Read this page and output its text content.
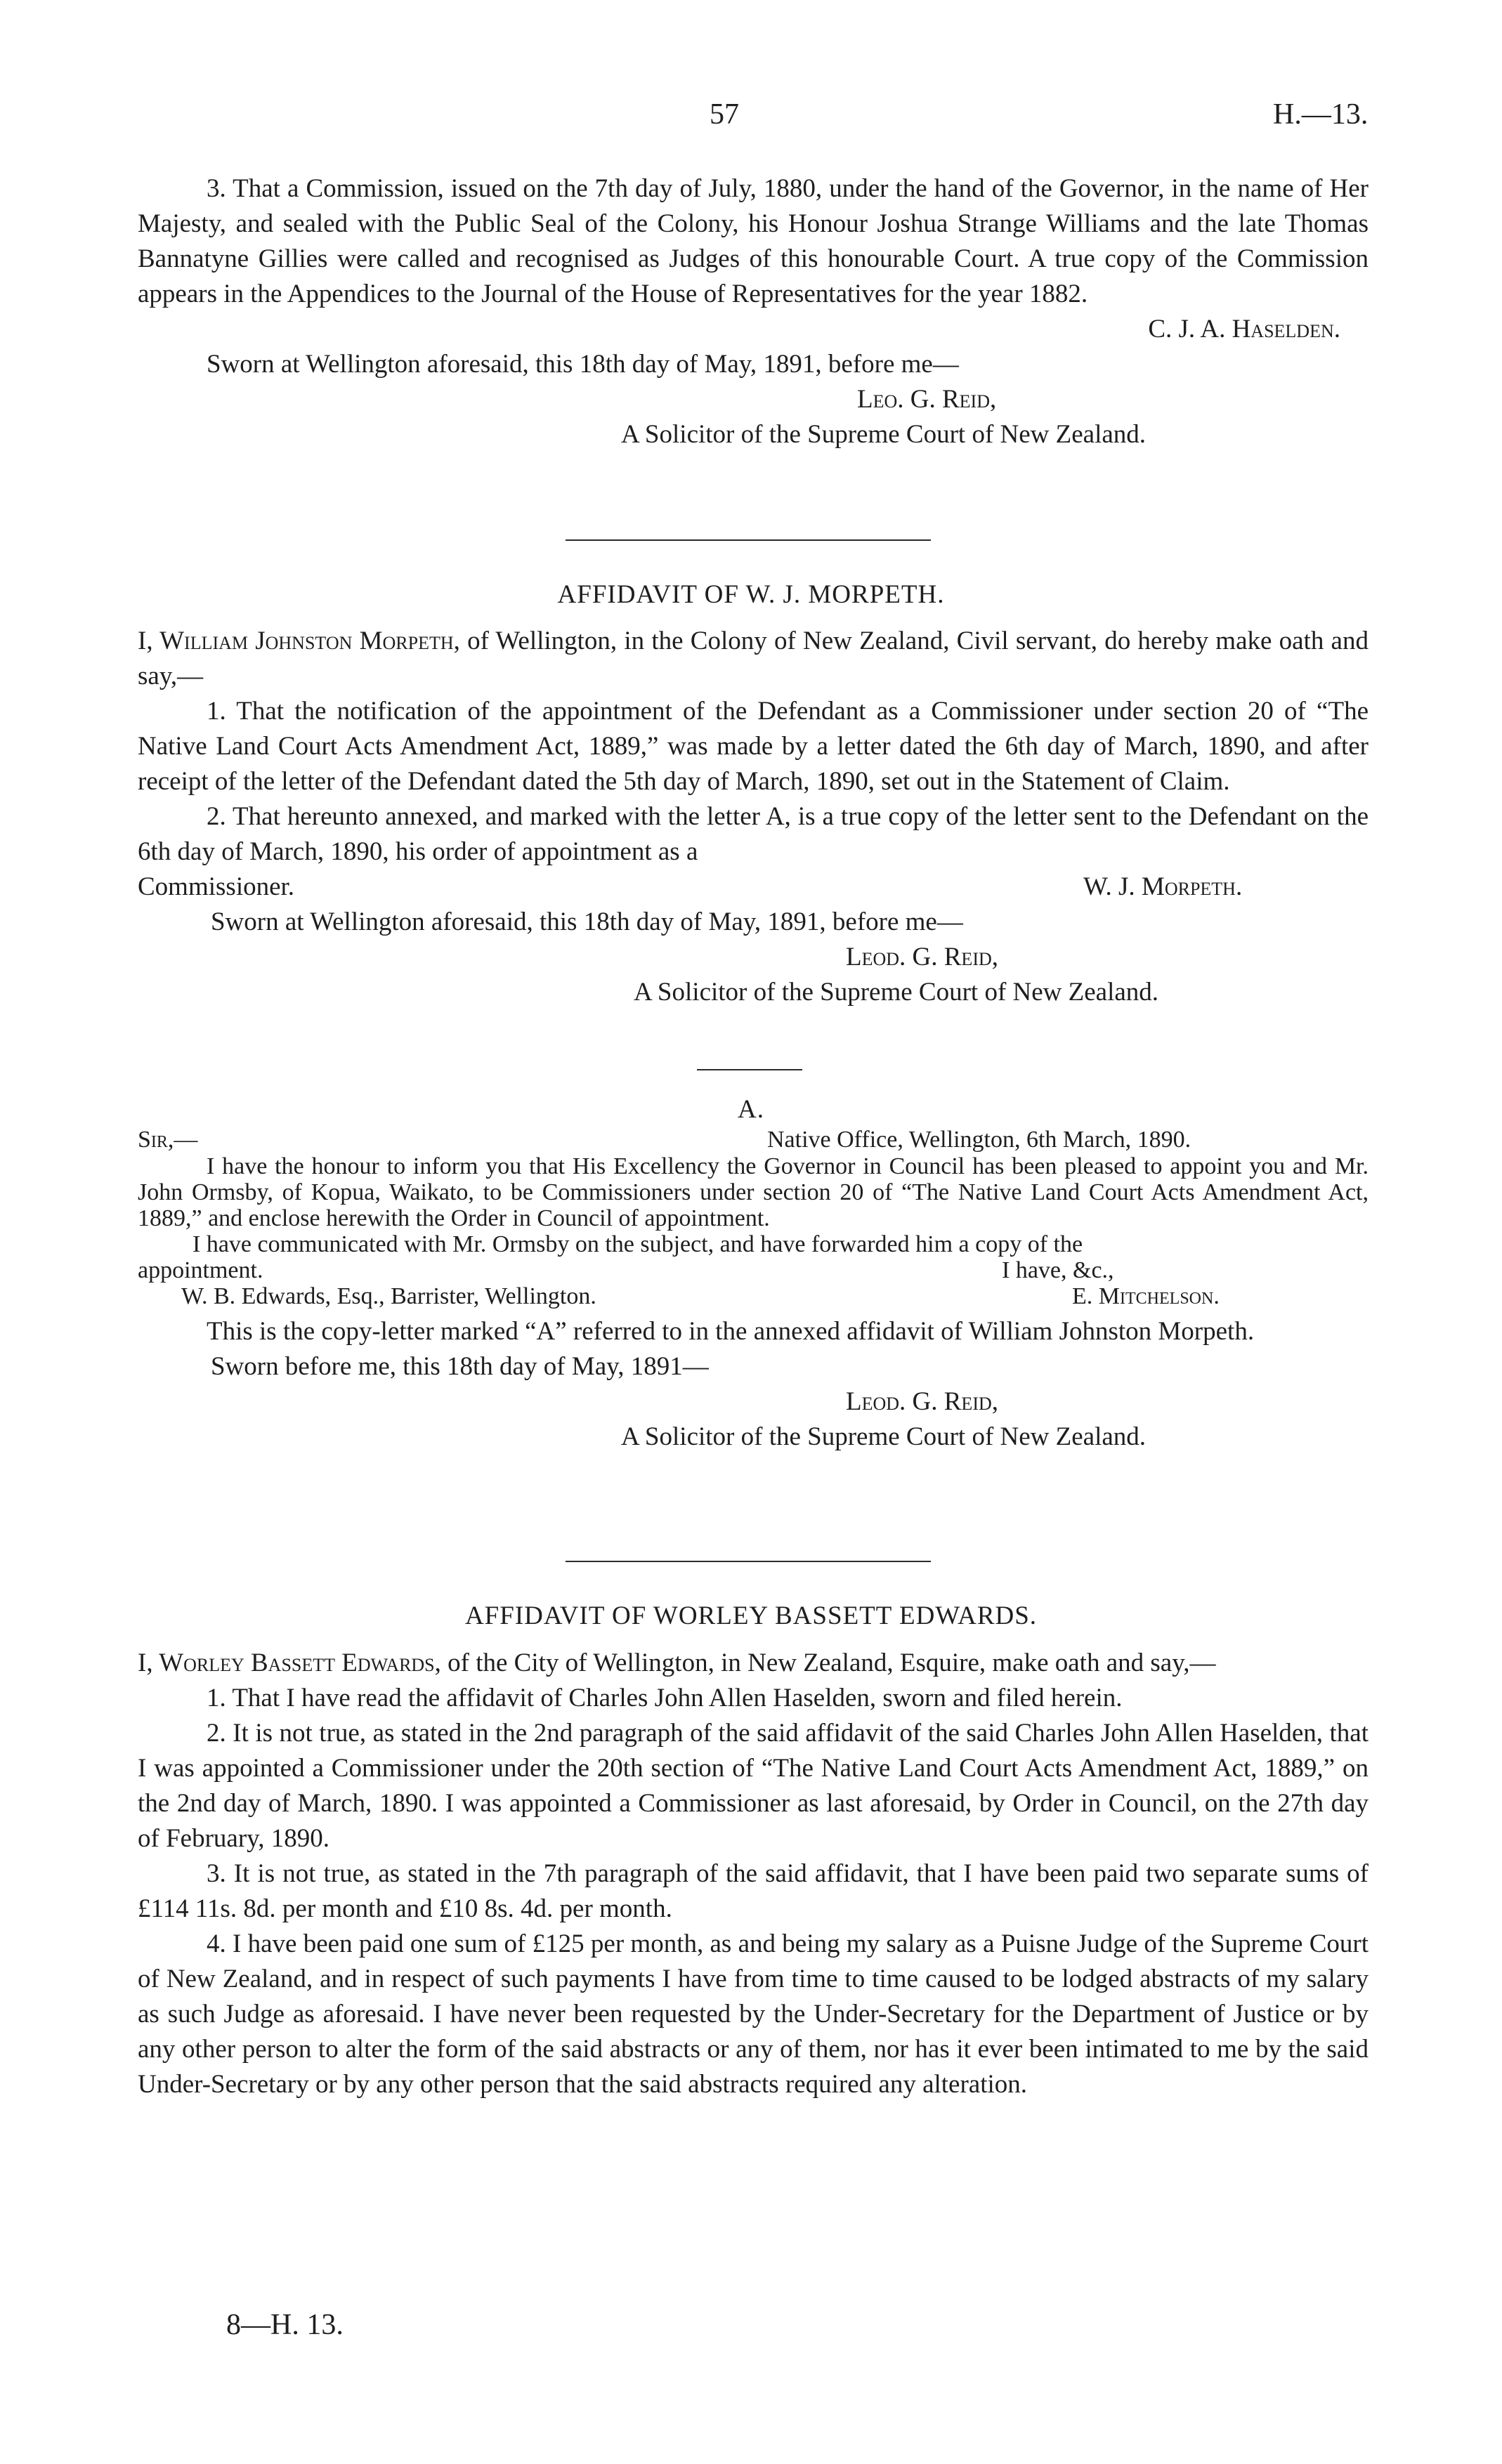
57	H.—13.

3. That a Commission, issued on the 7th day of July, 1880, under the hand of the Governor, in the name of Her Majesty, and sealed with the Public Seal of the Colony, his Honour Joshua Strange Williams and the late Thomas Bannatyne Gillies were called and recognised as Judges of this honourable Court. A true copy of the Commission appears in the Appendices to the Journal of the House of Representatives for the year 1882.

C. J. A. Haselden.

Sworn at Wellington aforesaid, this 18th day of May, 1891, before me—

Leo. G. Reid,

A Solicitor of the Supreme Court of New Zealand.

AFFIDAVIT OF W. J. MORPETH.

I, William Johnston Morpeth, of Wellington, in the Colony of New Zealand, Civil servant, do hereby make oath and say,—

1. That the notification of the appointment of the Defendant as a Commissioner under section 20 of “The Native Land Court Acts Amendment Act, 1889,” was made by a letter dated the 6th day of March, 1890, and after receipt of the letter of the Defendant dated the 5th day of March, 1890, set out in the Statement of Claim.

2. That hereunto annexed, and marked with the letter A, is a true copy of the letter sent to the Defendant on the 6th day of March, 1890, his order of appointment as a

Commissioner.	W. J. Morpeth.

Sworn at Wellington aforesaid, this 18th day of May, 1891, before me—

Leod. G. Reid,

A Solicitor of the Supreme Court of New Zealand.

A.
Sir,—	Native Office, Wellington, 6th March, 1890.

I have the honour to inform you that His Excellency the Governor in Council has been pleased to appoint you and Mr. John Ormsby, of Kopua, Waikato, to be Commissioners under section 20 of “The Native Land Court Acts Amendment Act, 1889,” and enclose herewith the Order in Council of appointment.

I have communicated with Mr. Ormsby on the subject, and have forwarded him a copy of the

appointment.	I have, &c.,
W. B. Edwards, Esq., Barrister, Wellington.	E. Mitchelson.

This is the copy-letter marked “A” referred to in the annexed affidavit of William Johnston Morpeth.

Sworn before me, this 18th day of May, 1891—

Leod. G. Reid,

A Solicitor of the Supreme Court of New Zealand.

AFFIDAVIT OF WORLEY BASSETT EDWARDS.

I, Worley Bassett Edwards, of the City of Wellington, in New Zealand, Esquire, make oath and say,—

1. That I have read the affidavit of Charles John Allen Haselden, sworn and filed herein.

2. It is not true, as stated in the 2nd paragraph of the said affidavit of the said Charles John Allen Haselden, that I was appointed a Commissioner under the 20th section of “The Native Land Court Acts Amendment Act, 1889,” on the 2nd day of March, 1890. I was appointed a Commissioner as last aforesaid, by Order in Council, on the 27th day of February, 1890.

3. It is not true, as stated in the 7th paragraph of the said affidavit, that I have been paid two separate sums of £114 11s. 8d. per month and £10 8s. 4d. per month.

4. I have been paid one sum of £125 per month, as and being my salary as a Puisne Judge of the Supreme Court of New Zealand, and in respect of such payments I have from time to time caused to be lodged abstracts of my salary as such Judge as aforesaid. I have never been requested by the Under-Secretary for the Department of Justice or by any other person to alter the form of the said abstracts or any of them, nor has it ever been intimated to me by the said Under-Secretary or by any other person that the said abstracts required any alteration.

8—H. 13.
